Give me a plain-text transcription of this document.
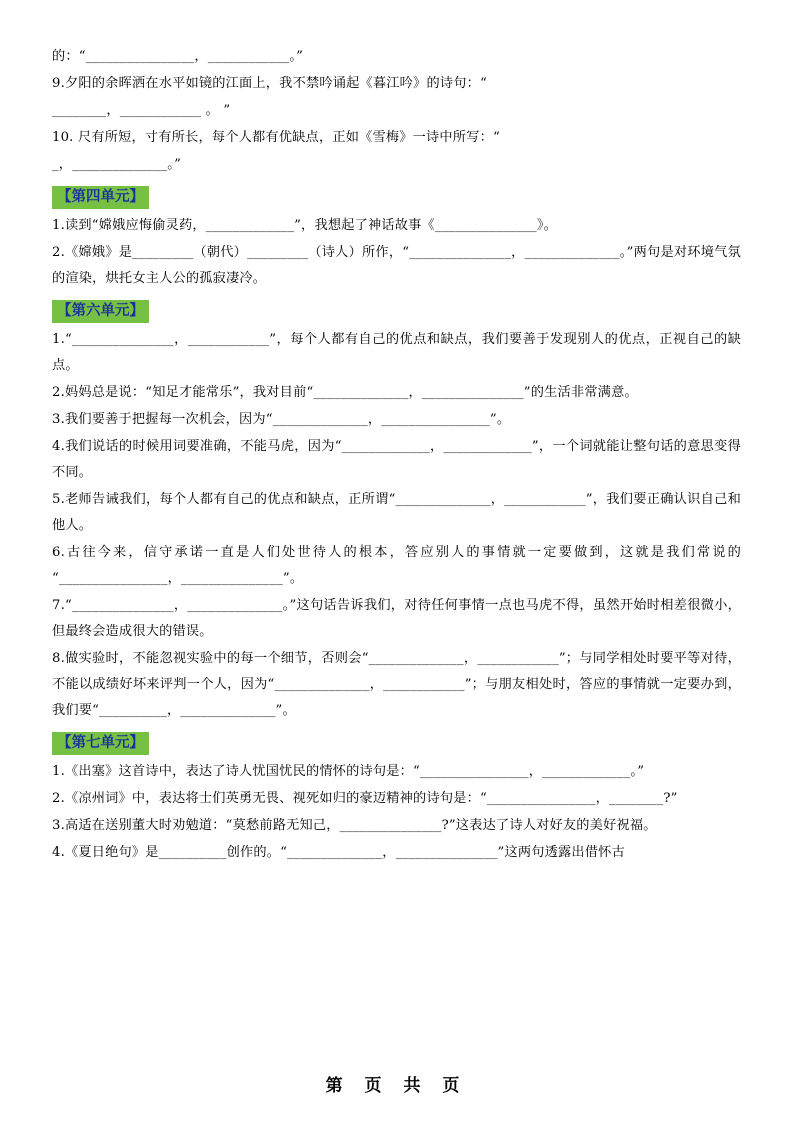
的：“________________，____________。”

9.夕阳的余晖洒在水平如镜的江面上，我不禁吟诵起《暮江吟》的诗句：“

________，____________ 。 ”

10. 尺有所短，寸有所长，每个人都有优缺点，正如《雪梅》一诗中所写：“

_，______________。”

【第四单元】

1.读到“嫦娥应悔偷灵药，_____________”，我想起了神话故事《_______________》。

2.《嫦娥》是_________（朝代）_________（诗人）所作，“_______________，______________。”两句是对环境气氛的渲染，烘托女主人公的孤寂凄冷。

【第六单元】

1.“_______________，____________”，每个人都有自己的优点和缺点，我们要善于发现别人的优点，正视自己的缺点。

2.妈妈总是说：“知足才能常乐”，我对目前“______________，_______________”的生活非常满意。

3.我们要善于把握每一次机会，因为“______________，________________”。

4.我们说话的时候用词要准确，不能马虎，因为“_____________，_____________”，一个词就能让整句话的意思变得不同。

5.老师告诫我们，每个人都有自己的优点和缺点，正所谓“______________，____________”，我们要正确认识自己和他人。

6.古往今来，信守承诺一直是人们处世待人的根本，答应别人的事情就一定要做到，这就是我们常说的“________________，_______________”。

7.“_______________，______________。”这句话告诉我们，对待任何事情一点也马虎不得，虽然开始时相差很微小，但最终会造成很大的错误。

8.做实验时，不能忽视实验中的每一个细节，否则会“______________，____________”；与同学相处时要平等对待，不能以成绩好坏来评判一个人，因为“______________，____________”；与朋友相处时，答应的事情就一定要办到，我们要“__________，______________”。

【第七单元】

1.《出塞》这首诗中，表达了诗人忧国忧民的情怀的诗句是：“________________，_____________。”

2.《凉州词》中，表达将士们英勇无畏、视死如归的豪迈精神的诗句是：“________________，________?”

3.高适在送别董大时劝勉道：“莫愁前路无知己，_______________?”这表达了诗人对好友的美好祝福。

4.《夏日绝句》是__________创作的。“______________，_______________”这两句透露出借怀古

第 页 共 页
